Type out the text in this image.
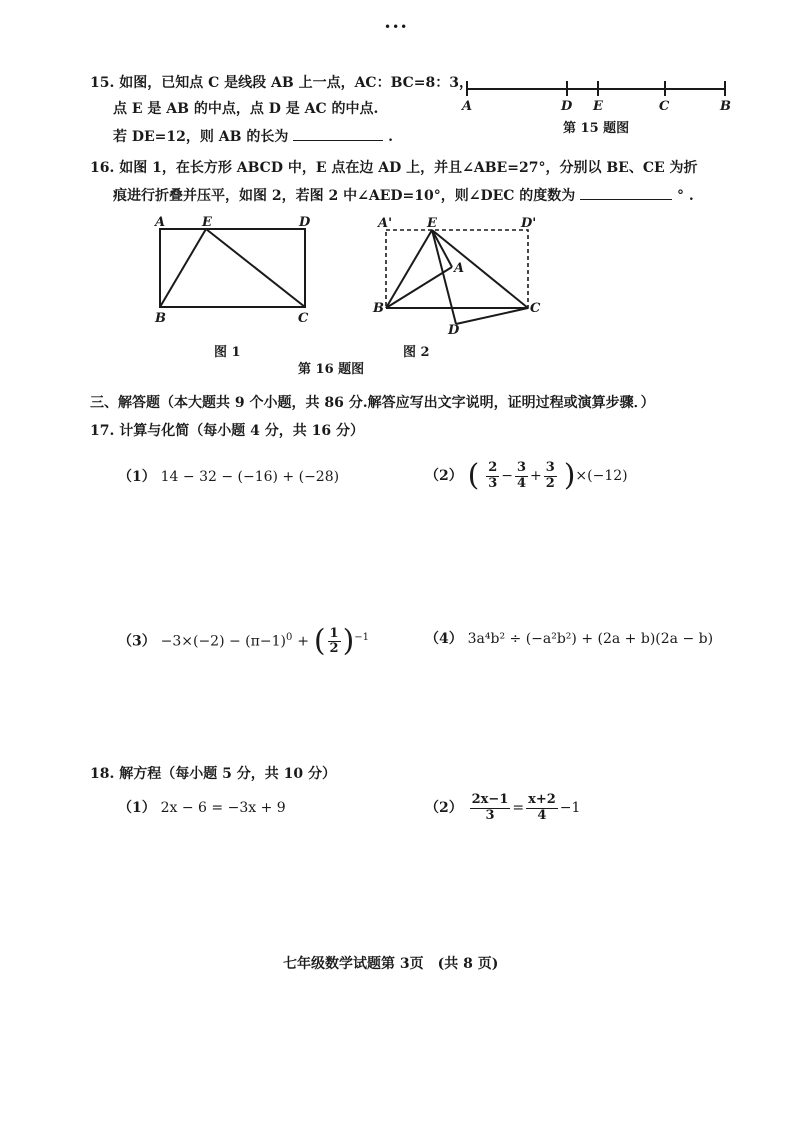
•••
15. 如图，已知点 C 是线段 AB 上一点，AC：BC=8：3，
点 E 是 AB 的中点，点 D 是 AC 的中点.
若 DE=12，则 AB 的长为	.
A	D E	C	B
第 15 题图
16. 如图 1，在长方形 ABCD 中，E 点在边 AD 上，并且∠ABE=27°，分别以 BE、CE 为折
痕进行折叠并压平，如图 2，若图 2 中∠AED=10°，则∠DEC 的度数为	° .
A	E	D
B	C
A'	E	D'
A
B	C
D
图 1	图 2
第 16 题图
三、解答题（本大题共 9 个小题，共 86 分.解答应写出文字说明，证明过程或演算步骤．）
17. 计算与化简（每小题 4 分，共 16 分）
（1） 14 − 32 − (−16) + (−28)	（2） ( $\frac{2}{3} - \frac{3}{4} + \frac{3}{2} )\times(-12)$
$(3) -3\times(-2) - (\pi-1)^0$ + ( $\frac{1}{2} )^{-1}$	（4） 3a⁴b² ÷ (−a²b²) + (2a + b)(2a − b)
18. 解方程（每小题 5 分，共 10 分）
（1） 2x − 6 = −3x + 9	$(2) \frac{2x-1}{3} = \frac{x+2}{4} -1$
七年级数学试题第 3页　(共 8 页)
